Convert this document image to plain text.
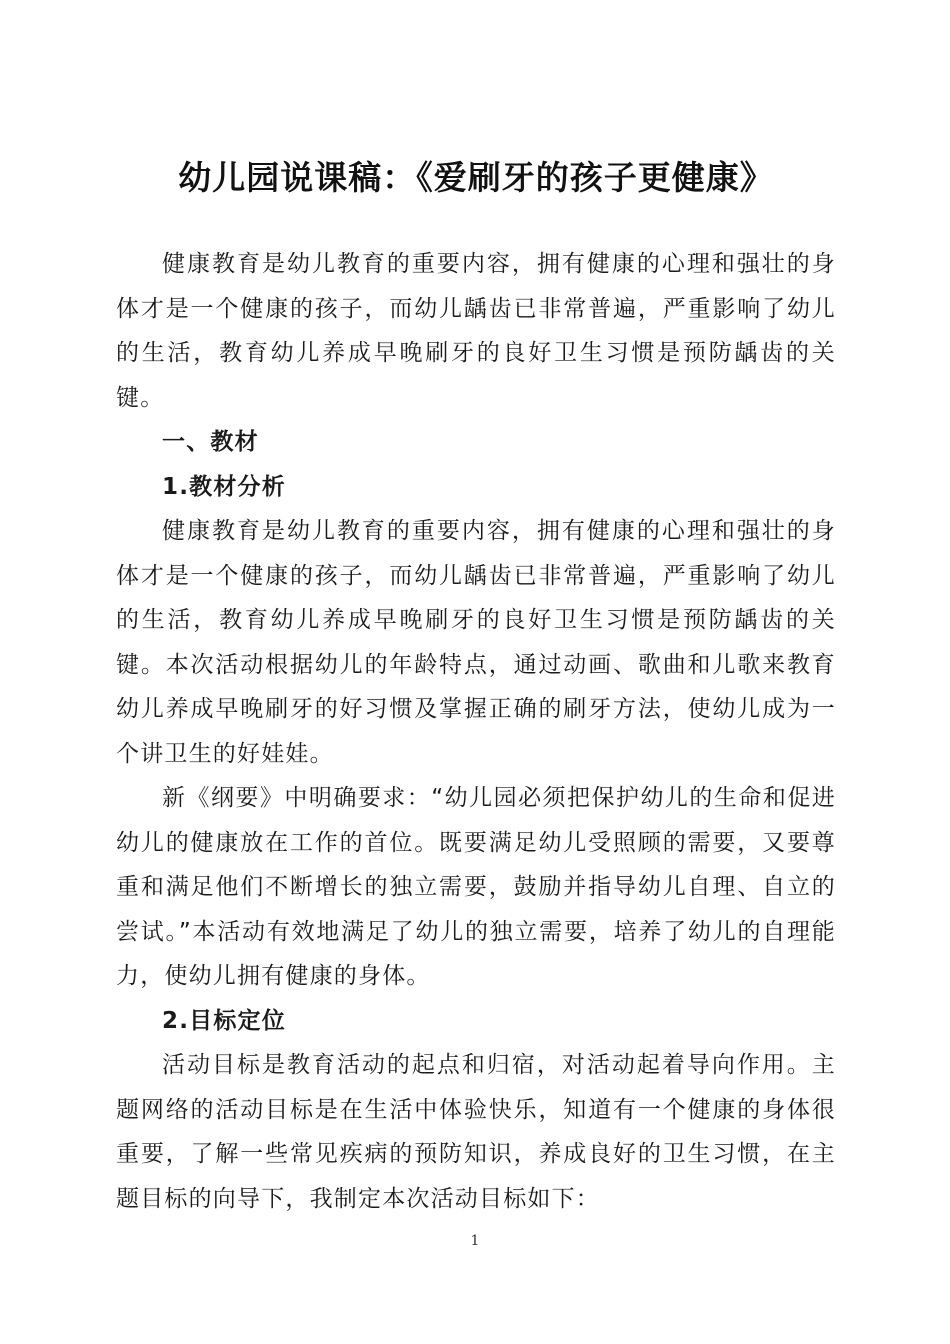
幼儿园说课稿：《爱刷牙的孩子更健康》

健康教育是幼儿教育的重要内容，拥有健康的心理和强壮的身体才是一个健康的孩子，而幼儿龋齿已非常普遍，严重影响了幼儿的生活，教育幼儿养成早晚刷牙的良好卫生习惯是预防龋齿的关键。

一、教材
1.教材分析

健康教育是幼儿教育的重要内容，拥有健康的心理和强壮的身体才是一个健康的孩子，而幼儿龋齿已非常普遍，严重影响了幼儿的生活，教育幼儿养成早晚刷牙的良好卫生习惯是预防龋齿的关键。本次活动根据幼儿的年龄特点，通过动画、歌曲和儿歌来教育幼儿养成早晚刷牙的好习惯及掌握正确的刷牙方法，使幼儿成为一个讲卫生的好娃娃。

新《纲要》中明确要求：“幼儿园必须把保护幼儿的生命和促进幼儿的健康放在工作的首位。既要满足幼儿受照顾的需要，又要尊重和满足他们不断增长的独立需要，鼓励并指导幼儿自理、自立的尝试。”本活动有效地满足了幼儿的独立需要，培养了幼儿的自理能力，使幼儿拥有健康的身体。

2.目标定位

活动目标是教育活动的起点和归宿，对活动起着导向作用。主题网络的活动目标是在生活中体验快乐，知道有一个健康的身体很重要，了解一些常见疾病的预防知识，养成良好的卫生习惯，在主题目标的向导下，我制定本次活动目标如下：

1
